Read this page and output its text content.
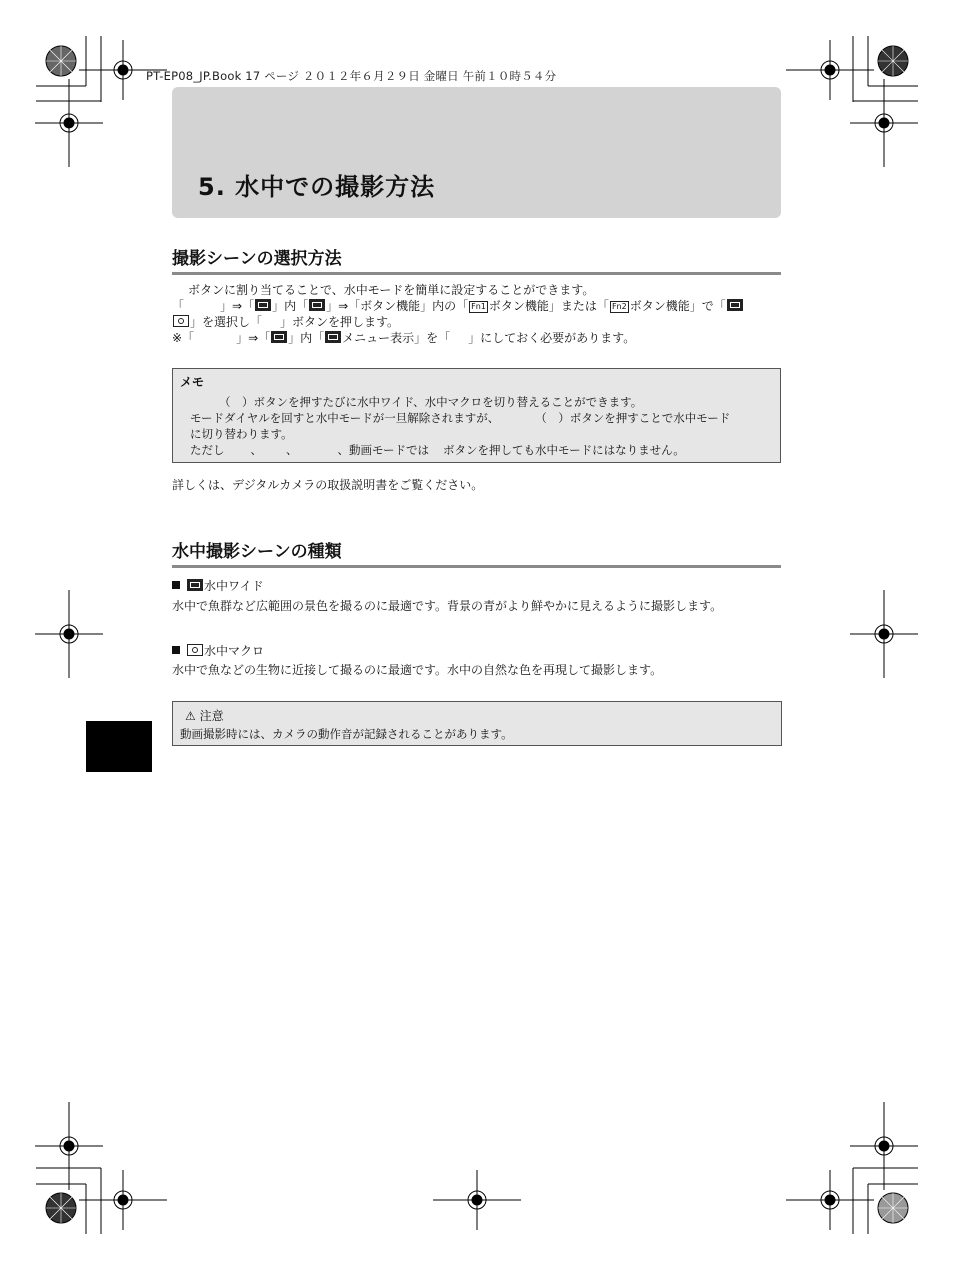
PT-EP08_JP.Book 17 ページ ２０１２年６月２９日 金曜日 午前１０時５４分
5. 水中での撮影方法
撮影シーンの選択方法
ボタンに割り当てることで、水中モードを簡単に設定することができます。
「	」⇒「 」内「 」⇒「ボタン機能」内の「 Fn1 ボタン機能」または「 Fn2 ボタン機能」で「
」を選択し「 」ボタンを押します。
※「	」⇒「 」内「 メニュー表示」を「 」にしておく必要があります。
メモ
（　）ボタンを押すたびに水中ワイド、水中マクロを切り替えることができます。
モードダイヤルを回すと水中モードが一旦解除されますが、	（　）ボタンを押すことで水中モード
に切り替わります。
ただし 、 、	、動画モードでは ボタンを押しても水中モードにはなりません。
詳しくは、デジタルカメラの取扱説明書をご覧ください。
水中撮影シーンの種類
水中ワイド
水中で魚群など広範囲の景色を撮るのに最適です。背景の青がより鮮やかに見えるように撮影します。
水中マクロ
水中で魚などの生物に近接して撮るのに最適です。水中の自然な色を再現して撮影します。
⚠ 注意
動画撮影時には、カメラの動作音が記録されることがあります。
